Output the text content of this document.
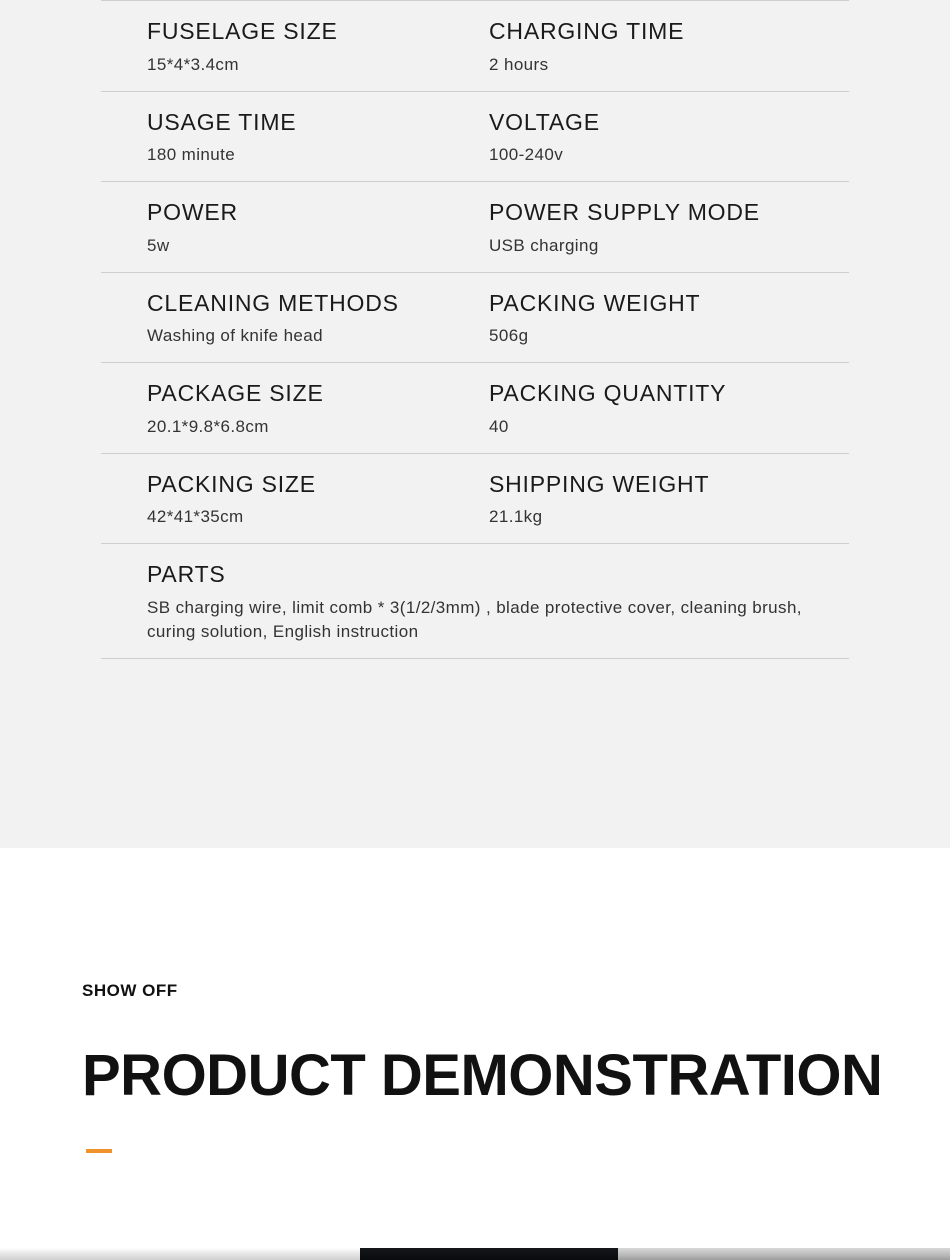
FUSELAGE SIZE
15*4*3.4cm
CHARGING TIME
2 hours
USAGE TIME
180 minute
VOLTAGE
100-240v
POWER
5w
POWER SUPPLY MODE
USB charging
CLEANING METHODS
Washing of knife head
PACKING WEIGHT
506g
PACKAGE SIZE
20.1*9.8*6.8cm
PACKING QUANTITY
40
PACKING SIZE
42*41*35cm
SHIPPING WEIGHT
21.1kg
PARTS
SB charging wire, limit comb * 3(1/2/3mm) , blade protective cover, cleaning brush, curing solution, English instruction
SHOW OFF
PRODUCT DEMONSTRATION
